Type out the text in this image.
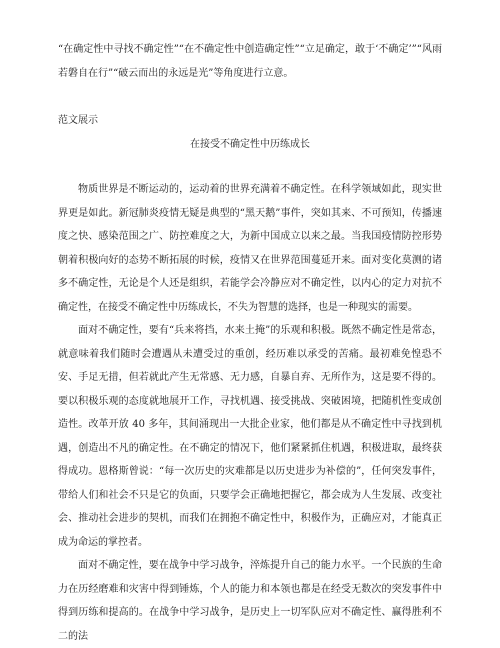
“在确定性中寻找不确定性”“在不确定性中创造确定性”“立足确定，敢于‘不确定’”“风雨若磐自在行”“破云而出的永远是光”等角度进行立意。

范文展示

在接受不确定性中历练成长

物质世界是不断运动的，运动着的世界充满着不确定性。在科学领域如此，现实世界更是如此。新冠肺炎疫情无疑是典型的“黑天鹅”事件，突如其来、不可预知，传播速度之快、感染范围之广、防控难度之大，为新中国成立以来之最。当我国疫情防控形势朝着积极向好的态势不断拓展的时候，疫情又在世界范围蔓延开来。面对变化莫测的诸多不确定性，无论是个人还是组织，若能学会冷静应对不确定性，以内心的定力对抗不确定性，在接受不确定性中历练成长，不失为智慧的选择，也是一种现实的需要。

面对不确定性，要有“兵来将挡，水来土掩”的乐观和积极。既然不确定性是常态，就意味着我们随时会遭遇从未遭受过的重创，经历难以承受的苦痛。最初难免惶恐不安、手足无措，但若就此产生无常感、无力感，自暴自弃、无所作为，这是要不得的。要以积极乐观的态度就地展开工作，寻找机遇、接受挑战、突破困境，把随机性变成创造性。改革开放 40 多年，其间涌现出一大批企业家，他们都是从不确定性中寻找到机遇，创造出不凡的确定性。在不确定的情况下，他们紧紧抓住机遇，积极进取，最终获得成功。恩格斯曾说：“每一次历史的灾难都是以历史进步为补偿的”，任何突发事件，带给人们和社会不只是它的负面，只要学会正确地把握它，都会成为人生发展、改变社会、推动社会进步的契机，而我们在拥抱不确定性中，积极作为，正确应对，才能真正成为命运的掌控者。

面对不确定性，要在战争中学习战争，淬炼提升自己的能力水平。一个民族的生命力在历经磨难和灾害中得到锤炼，个人的能力和本领也都是在经受无数次的突发事件中得到历练和提高的。在战争中学习战争，是历史上一切军队应对不确定性、赢得胜利不二的法
